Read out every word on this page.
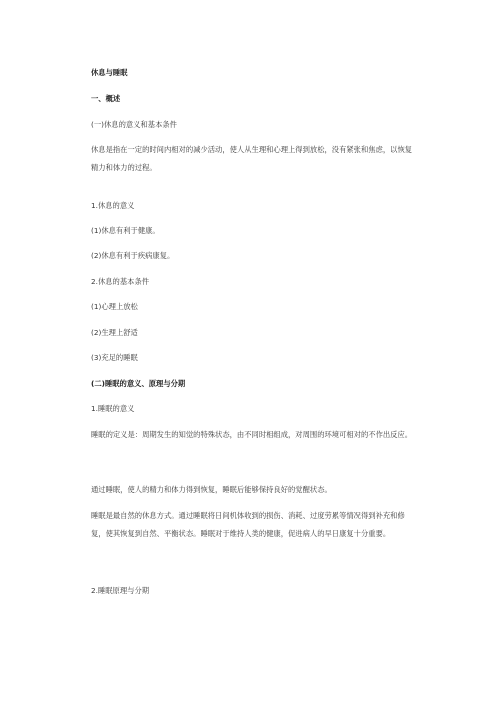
休息与睡眠
一、概述
(一)休息的意义和基本条件
休息是指在一定的时间内相对的减少活动，使人从生理和心理上得到放松，没有紧张和焦虑，以恢复精力和体力的过程。
1.休息的意义
(1)休息有利于健康。
(2)休息有利于疾病康复。
2.休息的基本条件
(1)心理上放松
(2)生理上舒适
(3)充足的睡眠
(二)睡眠的意义、原理与分期
1.睡眠的意义
睡眠的定义是：周期发生的知觉的特殊状态，由不同时相组成，对周围的环境可相对的不作出反应。
通过睡眠，使人的精力和体力得到恢复，睡眠后能够保持良好的觉醒状态。
睡眠是最自然的休息方式。通过睡眠将日间机体收到的损伤、消耗、过度劳累等情况得到补充和修复，使其恢复到自然、平衡状态。睡眠对于维持人类的健康，促进病人的早日康复十分重要。
2.睡眠原理与分期
